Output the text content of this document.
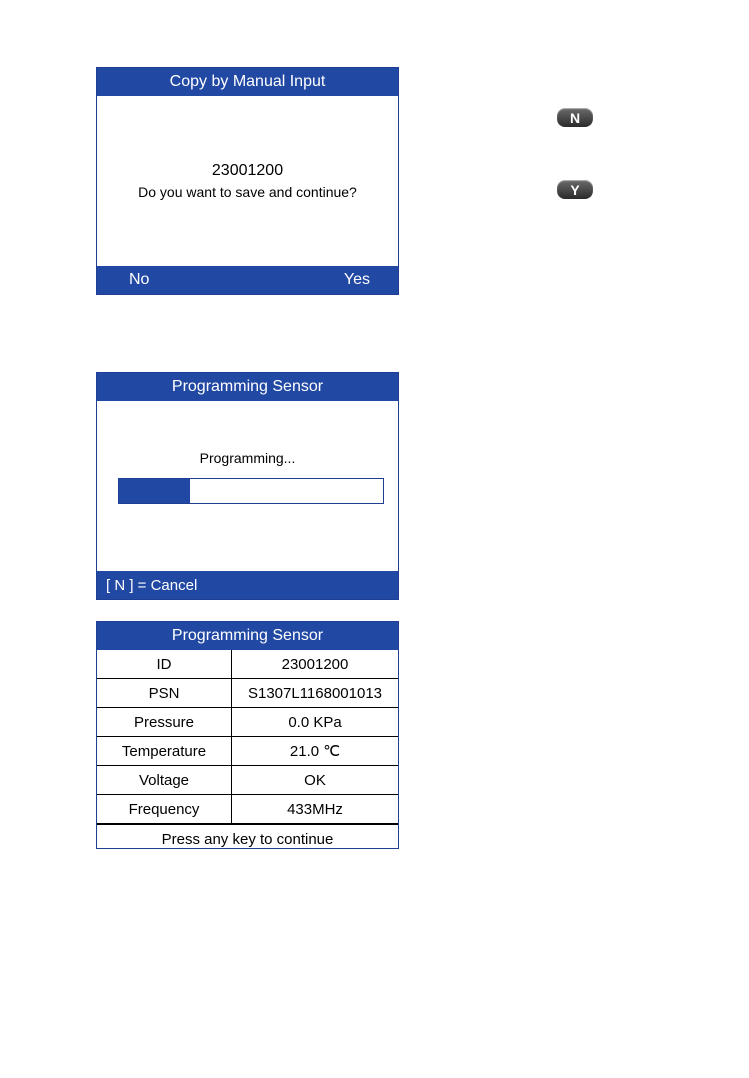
Copy by Manual Input
23001200
Do you want to save and continue?
No	Yes
N
Y
Programming Sensor
Programming...
[ N ] = Cancel
Programming Sensor
ID	23001200
PSN	S1307L1168001013
Pressure	0.0 KPa
Temperature	21.0 ℃
Voltage	OK
Frequency	433MHz
Press any key to continue
